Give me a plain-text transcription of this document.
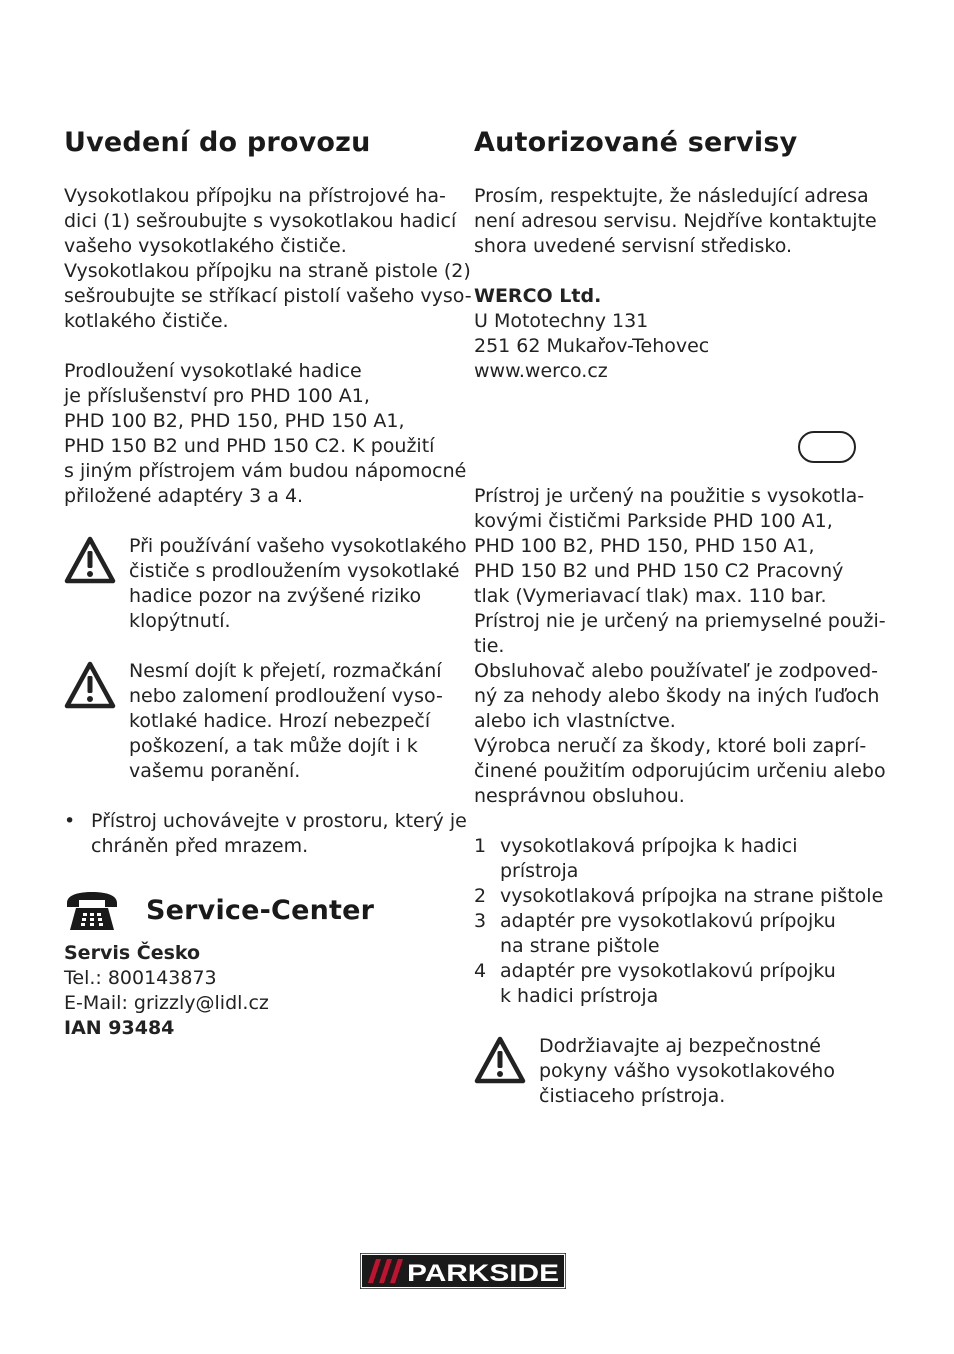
Uvedení do provozu

Vysokotlakou přípojku na přístrojové ha-
dici (1) sešroubujte s vysokotlakou hadicí
vašeho vysokotlakého čističe.
Vysokotlakou přípojku na straně pistole (2)
sešroubujte se stříkací pistolí vašeho vyso-
kotlakého čističe.

Prodloužení vysokotlaké hadice
je příslušenství pro PHD 100 A1,
PHD 100 B2, PHD 150, PHD 150 A1,
PHD 150 B2 und PHD 150 C2. K použití
s jiným přístrojem vám budou nápomocné
přiložené adaptéry 3 a 4.

Při používání vašeho vysokotlakého
čističe s prodloužením vysokotlaké
hadice pozor na zvýšené riziko
klopýtnutí.
Nesmí dojít k přejetí, rozmačkání
nebo zalomení prodloužení vyso-
kotlaké hadice. Hrozí nebezpečí
poškození, a tak může dojít i k
vašemu poranění.
• Přístroj uchovávejte v prostoru, který je
chráněn před mrazem.
Service-Center
Servis Česko
Tel.: 800143873
E-Mail: grizzly@lidl.cz
IAN 93484
Autorizované servisy

Prosím, respektujte, že následující adresa
není adresou servisu. Nejdříve kontaktujte
shora uvedené servisní středisko.

WERCO Ltd.
U Mototechny 131
251 62 Mukařov-Tehovec
www.werco.cz

Prístroj je určený na použitie s vysokotla-
kovými čističmi Parkside PHD 100 A1,
PHD 100 B2, PHD 150, PHD 150 A1,
PHD 150 B2 und PHD 150 C2 Pracovný
tlak (Vymeriavací tlak) max. 110 bar.
Prístroj nie je určený na priemyselné použi-
tie.
Obsluhovač alebo používateľ je zodpoved-
ný za nehody alebo škody na iných ľuďoch
alebo ich vlastníctve.
Výrobca neručí za škody, ktoré boli zaprí-
činené použitím odporujúcim určeniu alebo
nesprávnou obsluhou.

1 vysokotlaková prípojka k hadici
prístroja
2 vysokotlaková prípojka na strane pištole
3 adaptér pre vysokotlakovú prípojku
na strane pištole
4 adaptér pre vysokotlakovú prípojku
k hadici prístroja
Dodržiavajte aj bezpečnostné
pokyny vášho vysokotlakového
čistiaceho prístroja.
PARKSIDE
